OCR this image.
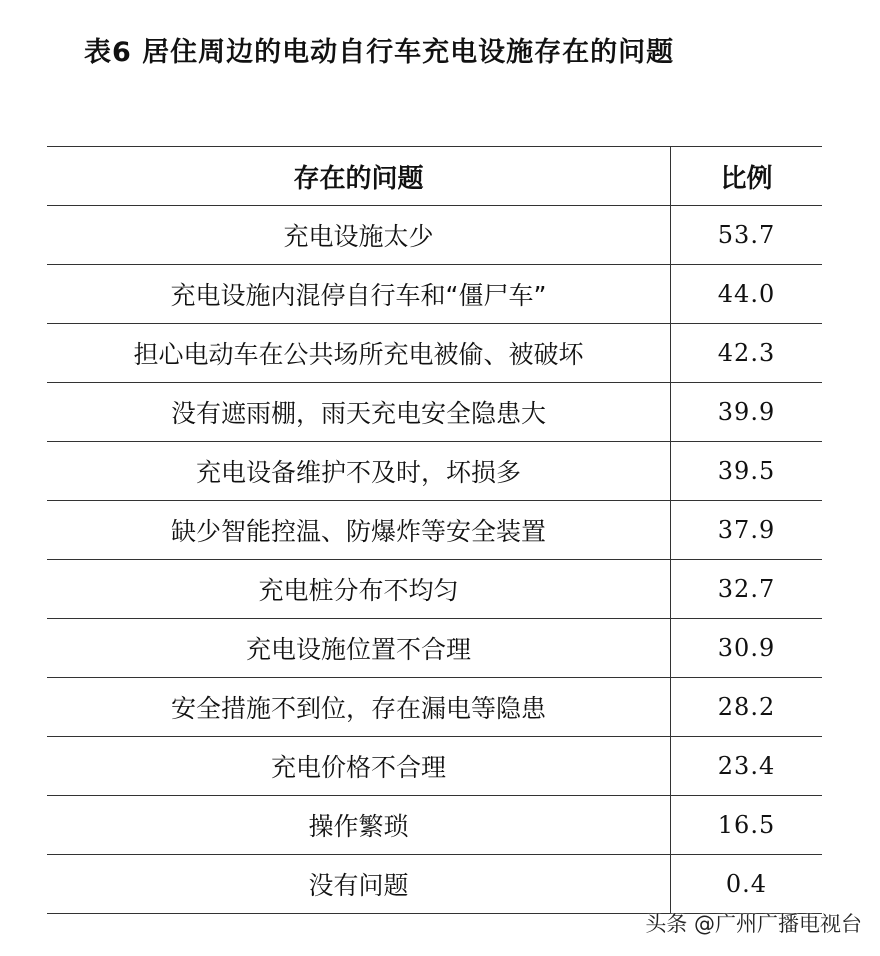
表6 居住周边的电动自行车充电设施存在的问题
存在的问题	比例
充电设施太少	53.7
充电设施内混停自行车和“僵尸车”	44.0
担心电动车在公共场所充电被偷、被破坏	42.3
没有遮雨棚，雨天充电安全隐患大	39.9
充电设备维护不及时，坏损多	39.5
缺少智能控温、防爆炸等安全装置	37.9
充电桩分布不均匀	32.7
充电设施位置不合理	30.9
安全措施不到位，存在漏电等隐患	28.2
充电价格不合理	23.4
操作繁琐	16.5
没有问题	0.4
头条 @广州广播电视台
